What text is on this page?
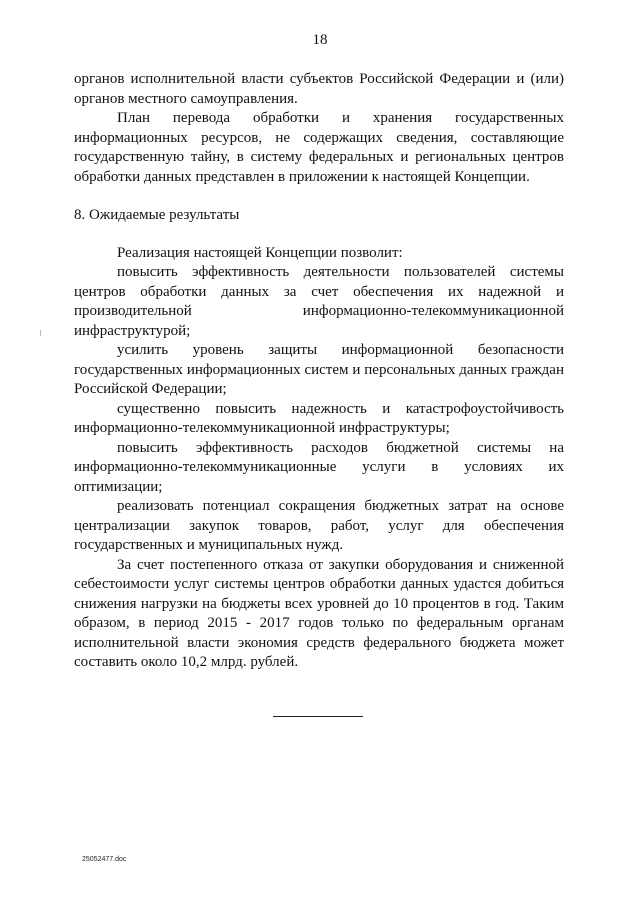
18

органов исполнительной власти субъектов Российской Федерации и (или) органов местного самоуправления.

План перевода обработки и хранения государственных информационных ресурсов, не содержащих сведения, составляющие государственную тайну, в систему федеральных и региональных центров обработки данных представлен в приложении к настоящей Концепции.

8. Ожидаемые результаты

Реализация настоящей Концепции позволит:

повысить эффективность деятельности пользователей системы центров обработки данных за счет обеспечения их надежной и производительной информационно-телекоммуникационной инфраструктурой;

усилить уровень защиты информационной безопасности государственных информационных систем и персональных данных граждан Российской Федерации;

существенно повысить надежность и катастрофоустойчивость информационно-телекоммуникационной инфраструктуры;

повысить эффективность расходов бюджетной системы на информационно-телекоммуникационные услуги в условиях их оптимизации;

реализовать потенциал сокращения бюджетных затрат на основе централизации закупок товаров, работ, услуг для обеспечения государственных и муниципальных нужд.

За счет постепенного отказа от закупки оборудования и сниженной себестоимости услуг системы центров обработки данных удастся добиться снижения нагрузки на бюджеты всех уровней до 10 процентов в год. Таким образом, в период 2015 - 2017 годов только по федеральным органам исполнительной власти экономия средств федерального бюджета может составить около 10,2 млрд. рублей.

25052477.doc
